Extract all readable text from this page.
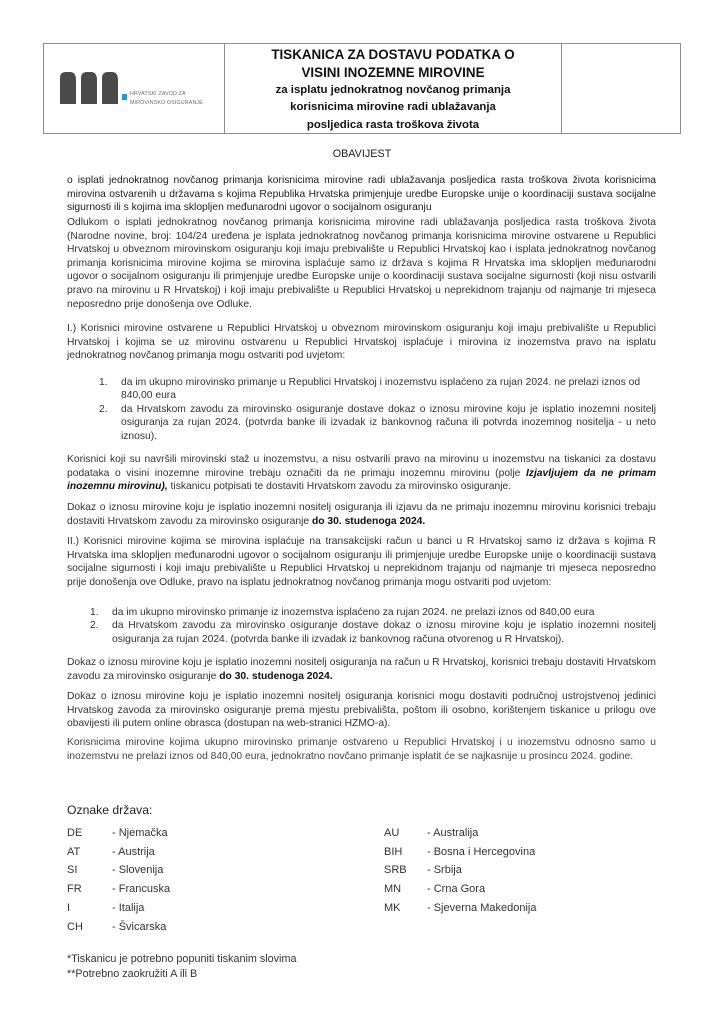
HRVATSKI ZAVOD ZA
MIROVINSKO OSIGURANJE
TISKANICA ZA DOSTAVU PODATKA O
VISINI INOZEMNE MIROVINE
za isplatu jednokratnog novčanog primanja
korisnicima mirovine radi ublažavanja
posljedica rasta troškova života
OBAVIJEST
o isplati jednokratnog novčanog primanja korisnicima mirovine radi ublažavanja posljedica rasta troškova života korisnicima mirovina ostvarenih u državama s kojima Republika Hrvatska primjenjuje uredbe Europske unije o koordinaciji sustava socijalne sigurnosti ili s kojima ima sklopljen međunarodni ugovor o socijalnom osiguranju
Odlukom o isplati jednokratnog novčanog primanja korisnicima mirovine radi ublažavanja posljedica rasta troškova života (Narodne novine, broj: 104/24 uređena je isplata jednokratnog novčanog primanja korisnicima mirovine ostvarene u Republici Hrvatskoj u obveznom mirovinskom osiguranju koji imaju prebivalište u Republici Hrvatskoj kao i isplata jednokratnog novčanog primanja korisnicima mirovine kojima se mirovina isplaćuje samo iz država s kojima R Hrvatska ima sklopljen međunarodni ugovor o socijalnom osiguranju ili primjenjuje uredbe Europske unije o koordinaciji sustava socijalne sigurnosti (koji nisu ostvarili pravo na mirovinu u R Hrvatskoj) i koji imaju prebivalište u Republici Hrvatskoj u neprekidnom trajanju od najmanje tri mjeseca neposredno prije donošenja ove Odluke.
I.) Korisnici mirovine ostvarene u Republici Hrvatskoj u obveznom mirovinskom osiguranju koji imaju prebivalište u Republici Hrvatskoj i kojima se uz mirovinu ostvarenu u Republici Hrvatskoj isplaćuje i mirovina iz inozemstva pravo na isplatu jednokratnog novčanog primanja mogu ostvariti pod uvjetom:
1.	da im ukupno mirovinsko primanje u Republici Hrvatskoj i inozemstvu isplaćeno za rujan 2024. ne prelazi iznos od 840,00 eura
2.	da Hrvatskom zavodu za mirovinsko osiguranje dostave dokaz o iznosu mirovine koju je isplatio inozemni nositelj osiguranja za rujan 2024. (potvrda banke ili izvadak iz bankovnog računa ili potvrda inozemnog nositelja - u neto iznosu).
Korisnici koji su navršili mirovinski staž u inozemstvu, a nisu ostvarili pravo na mirovinu u inozemstvu na tiskanici za dostavu podataka o visini inozemne mirovine trebaju označiti da ne primaju inozemnu mirovinu (polje Izjavljujem da ne primam inozemnu mirovinu), tiskanicu potpisati te dostaviti Hrvatskom zavodu za mirovinsko osiguranje.
Dokaz o iznosu mirovine koju je isplatio inozemni nositelj osiguranja ili izjavu da ne primaju inozemnu mirovinu korisnici trebaju dostaviti Hrvatskom zavodu za mirovinsko osiguranje do 30. studenoga 2024.
II.) Korisnici mirovine kojima se mirovina isplaćuje na transakcijski račun u banci u R Hrvatskoj samo iz država s kojima R Hrvatska ima sklopljen međunarodni ugovor o socijalnom osiguranju ili primjenjuje uredbe Europske unije o koordinaciji sustava socijalne sigurnosti i koji imaju prebivalište u Republici Hrvatskoj u neprekidnom trajanju od najmanje tri mjeseca neposredno prije donošenja ove Odluke, pravo na isplatu jednokratnog novčanog primanja mogu ostvariti pod uvjetom:
1.	da im ukupno mirovinsko primanje iz inozemstva isplaćeno za rujan 2024. ne prelazi iznos od 840,00 eura
2.	da Hrvatskom zavodu za mirovinsko osiguranje dostave dokaz o iznosu mirovine koju je isplatio inozemni nositelj osiguranja za rujan 2024. (potvrda banke ili izvadak iz bankovnog računa otvorenog u R Hrvatskoj).
Dokaz o iznosu mirovine koju je isplatio inozemni nositelj osiguranja na račun u R Hrvatskoj, korisnici trebaju dostaviti Hrvatskom zavodu za mirovinsko osiguranje do 30. studenoga 2024.
Dokaz o iznosu mirovine koju je isplatio inozemni nositelj osiguranja korisnici mogu dostaviti područnoj ustrojstvenoj jedinici Hrvatskog zavoda za mirovinsko osiguranje prema mjestu prebivališta, poštom ili osobno, korištenjem tiskanice u prilogu ove obavijesti ili putem online obrasca (dostupan na web-stranici HZMO-a).
Korisnicima mirovine kojima ukupno mirovinsko primanje ostvareno u Republici Hrvatskoj i u inozemstvu odnosno samo u inozemstvu ne prelazi iznos od 840,00 eura, jednokratno novčano primanje isplatit će se najkasnije u prosincu 2024. godine.
Oznake država:
DE	- Njemačka
AT	- Austrija
SI	- Slovenija
FR	- Francuska
I	- Italija
CH	- Švicarska
AU	- Australija
BIH	- Bosna i Hercegovina
SRB	- Srbija
MN	- Crna Gora
MK	- Sjeverna Makedonija
*Tiskanicu je potrebno popuniti tiskanim slovima
**Potrebno zaokružiti A ili B
